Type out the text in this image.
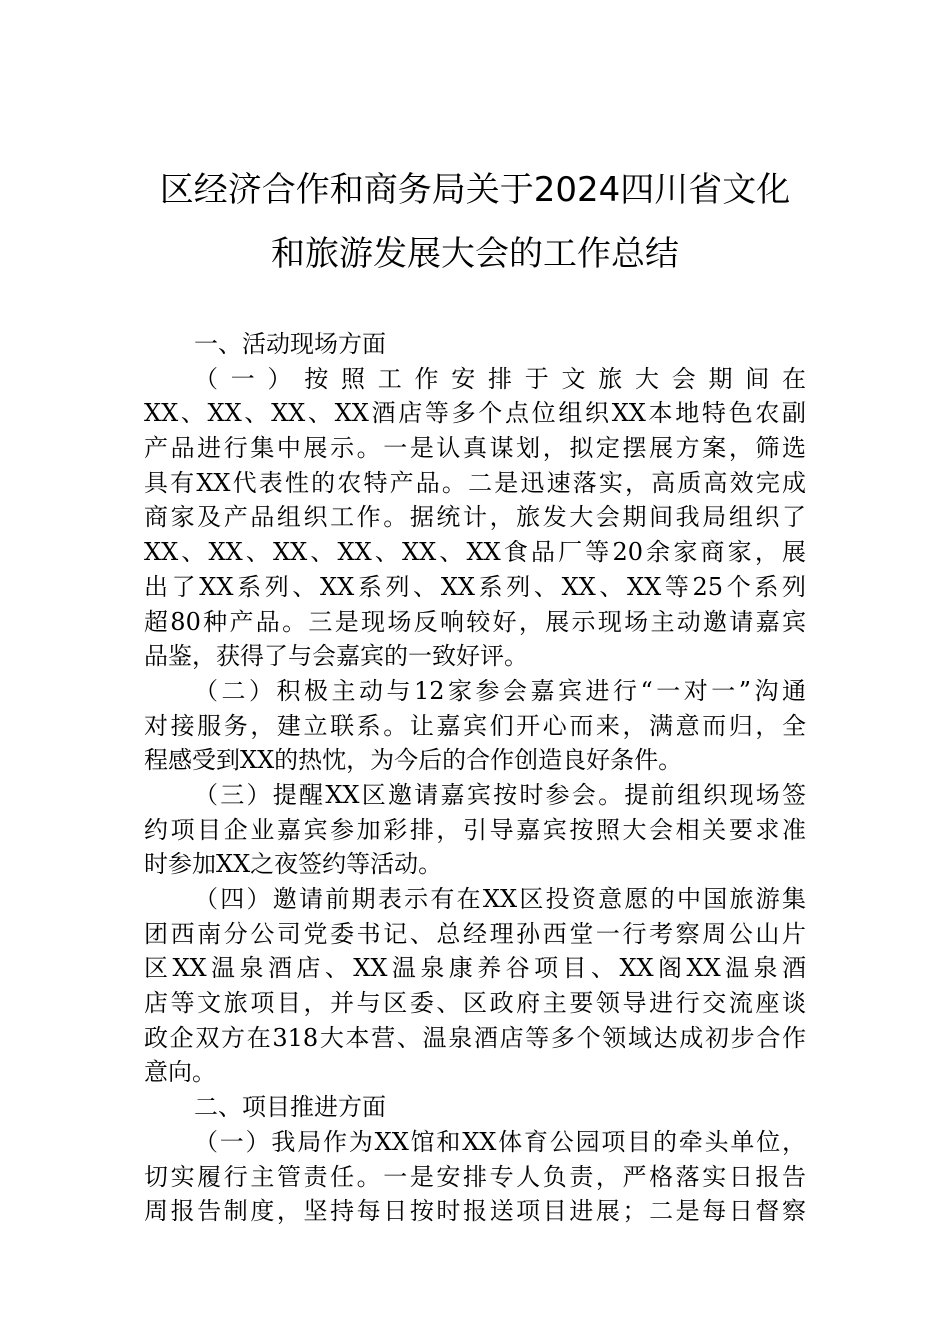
区经济合作和商务局关于2024四川省文化
和旅游发展大会的工作总结
一、活动现场方面
（一）按照工作安排于文旅大会期间在
XX、XX、XX、XX酒店等多个点位组织XX本地特色农副
产品进行集中展示。一是认真谋划，拟定摆展方案，筛选
具有XX代表性的农特产品。二是迅速落实，高质高效完成
商家及产品组织工作。据统计，旅发大会期间我局组织了
XX、XX、XX、XX、XX、XX食品厂等20余家商家，展
出了XX系列、XX系列、XX系列、XX、XX等25个系列
超80种产品。三是现场反响较好，展示现场主动邀请嘉宾
品鉴，获得了与会嘉宾的一致好评。
（二）积极主动与12家参会嘉宾进行“一对一”沟通
对接服务，建立联系。让嘉宾们开心而来，满意而归，全
程感受到XX的热忱，为今后的合作创造良好条件。
（三）提醒XX区邀请嘉宾按时参会。提前组织现场签
约项目企业嘉宾参加彩排，引导嘉宾按照大会相关要求准
时参加XX之夜签约等活动。
（四）邀请前期表示有在XX区投资意愿的中国旅游集
团西南分公司党委书记、总经理孙西堂一行考察周公山片
区XX温泉酒店、XX温泉康养谷项目、XX阁XX温泉酒
店等文旅项目，并与区委、区政府主要领导进行交流座谈
政企双方在318大本营、温泉酒店等多个领域达成初步合作
意向。
二、项目推进方面
（一）我局作为XX馆和XX体育公园项目的牵头单位，
切实履行主管责任。一是安排专人负责，严格落实日报告
周报告制度，坚持每日按时报送项目进展；二是每日督察
